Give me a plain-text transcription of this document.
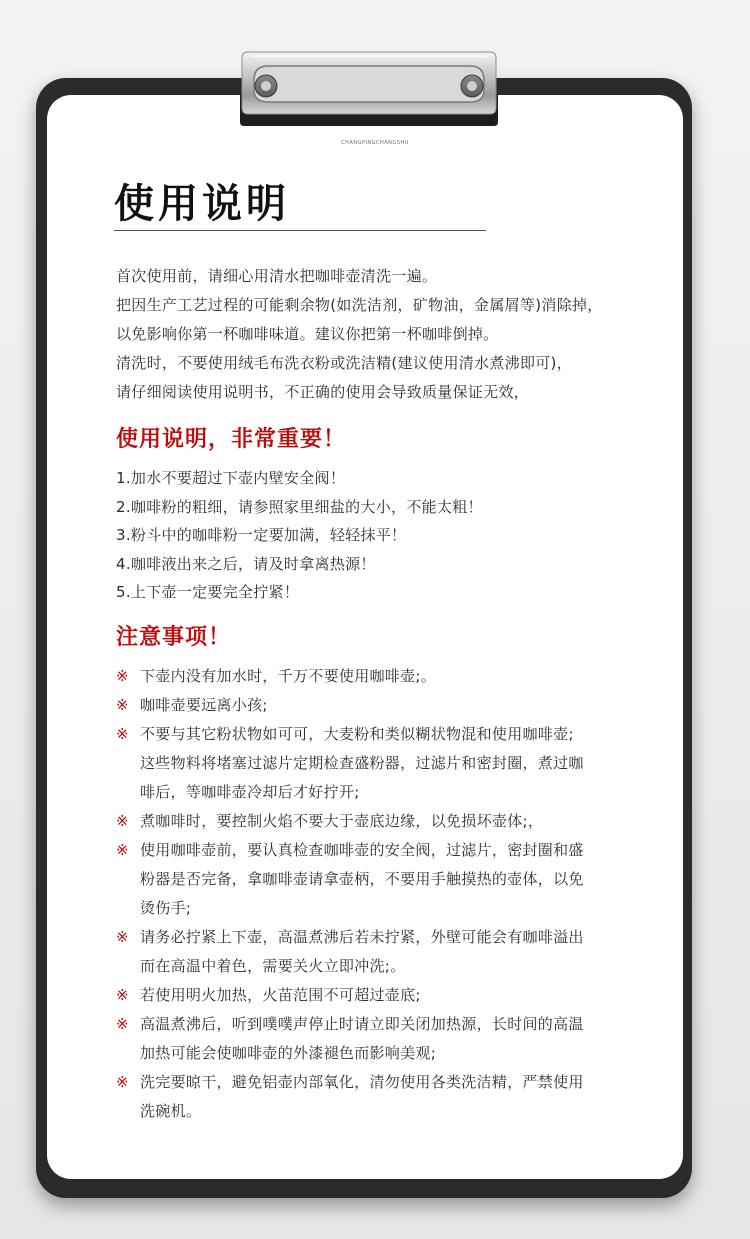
CHANGPINGCHANGSHU
使用说明

首次使用前，请细心用清水把咖啡壶清洗一遍。

把因生产工艺过程的可能剩余物(如洗洁剂，矿物油，金属屑等)消除掉，

以免影响你第一杯咖啡味道。建议你把第一杯咖啡倒掉。

清洗时，不要使用绒毛布洗衣粉或洗洁精(建议使用清水煮沸即可)，

请仔细阅读使用说明书，不正确的使用会导致质量保证无效，

使用说明，非常重要！

1.加水不要超过下壶内壁安全阀！

2.咖啡粉的粗细，请参照家里细盐的大小，不能太粗！

3.粉斗中的咖啡粉一定要加满，轻轻抹平！

4.咖啡液出来之后，请及时拿离热源！

5.上下壶一定要完全拧紧！

注意事项！
※ 下壶内没有加水时，千万不要使用咖啡壶;。
※ 咖啡壶要远离小孩;
※ 不要与其它粉状物如可可，大麦粉和类似糊状物混和使用咖啡壶;
这些物料将堵塞过滤片定期检查盛粉器，过滤片和密封圈，煮过咖
啡后，等咖啡壶冷却后才好拧开;
※ 煮咖啡时，要控制火焰不要大于壶底边缘，以免损坏壶体;，
※ 使用咖啡壶前，要认真检查咖啡壶的安全阀，过滤片，密封圈和盛
粉器是否完备，拿咖啡壶请拿壶柄，不要用手触摸热的壶体，以免
烫伤手;
※ 请务必拧紧上下壶，高温煮沸后若未拧紧，外壁可能会有咖啡溢出
而在高温中着色，需要关火立即冲洗;。
※ 若使用明火加热，火苗范围不可超过壶底;
※ 高温煮沸后，听到噗噗声停止时请立即关闭加热源，长时间的高温
加热可能会使咖啡壶的外漆褪色而影响美观;
※ 洗完要晾干，避免铝壶内部氧化，清勿使用各类洗洁精，严禁使用
洗碗机。
